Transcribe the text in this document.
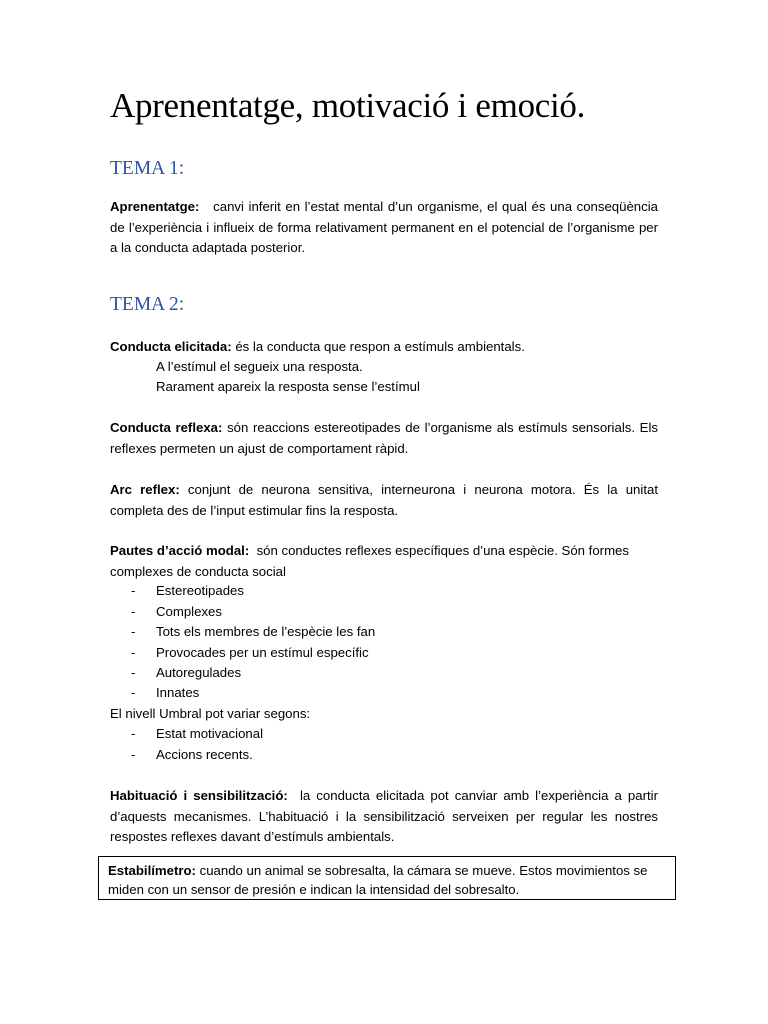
Aprenentatge, motivació i emoció.
TEMA 1:

Aprenentatge: canvi inferit en l’estat mental d’un organisme, el qual és una conseqüència de l’experiència i influeix de forma relativament permanent en el potencial de l’organisme per a la conducta adaptada posterior.

TEMA 2:

Conducta elicitada: és la conducta que respon a estímuls ambientals.

A l’estímul el segueix una resposta.

Rarament apareix la resposta sense l’estímul

Conducta reflexa: són reaccions estereotipades de l’organisme als estímuls sensorials. Els reflexes permeten un ajust de comportament ràpid.

Arc reflex: conjunt de neurona sensitiva, interneurona i neurona motora. És la unitat completa des de l’input estimular fins la resposta.

Pautes d’acció modal: són conductes reflexes específiques d’una espècie. Són formes complexes de conducta social

- Estereotipades
- Complexes
- Tots els membres de l’espècie les fan
- Provocades per un estímul específic
- Autoregulades
- Innates

El nivell Umbral pot variar segons:

- Estat motivacional
- Accions recents.

Habituació i sensibilització: la conducta elicitada pot canviar amb l’experiència a partir d’aquests mecanismes. L’habituació i la sensibilització serveixen per regular les nostres respostes reflexes davant d’estímuls ambientals.

Estabilímetro: cuando un animal se sobresalta, la cámara se mueve. Estos movimientos se miden con un sensor de presión e indican la intensidad del sobresalto.
